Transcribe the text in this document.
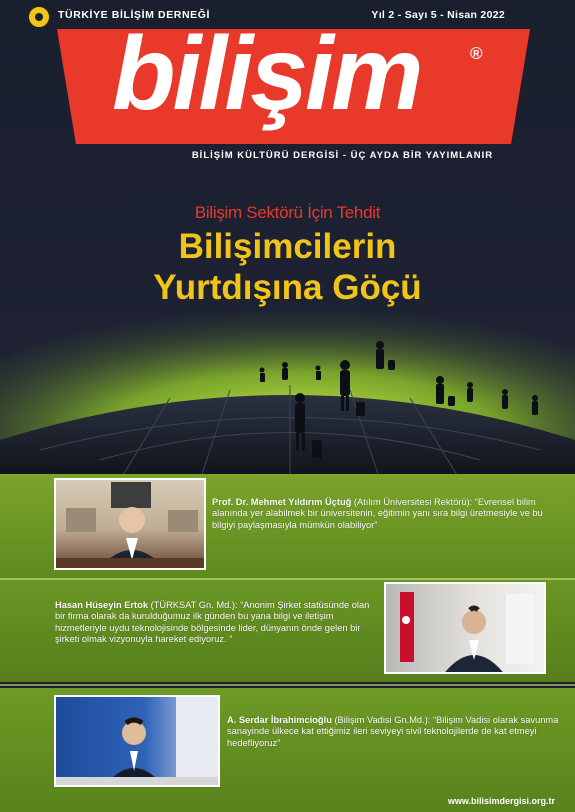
TÜRKİYE BİLİŞİM DERNEĞİ	Yıl 2 - Sayı 5 - Nisan 2022
bilişim	®
BİLİŞİM KÜLTÜRÜ DERGİSİ - ÜÇ AYDA BİR YAYIMLANIR
Bilişim Sektörü İçin Tehdit
Bilişimcilerin
Yurtdışına Göçü
Prof. Dr. Mehmet Yıldırım Üçtuğ (Atılım Üniversitesi Rektörü): “Evrensel bilim alanında yer alabilmek bir üniversitenin, eğitimin yanı sıra bilgi üretmesiyle ve bu bilgiyi paylaşmasıyla mümkün olabiliyor”
Hasan Hüseyin Ertok (TÜRKSAT Gn. Md.): “Anonim Şirket statüsünde olan bir firma olarak da kurulduğumuz ilk günden bu yana bilgi ve iletişim hizmetleriyle uydu teknolojisinde bölgesinde lider, dünyanın önde gelen bir şirketi olmak vizyonuyla hareket ediyoruz. ”
A. Serdar İbrahimcioğlu (Bilişim Vadisi Gn.Md.): “Bilişim Vadisi olarak savunma sanayinde ülkece kat ettiğimiz ileri seviyeyi sivil teknolojilerde de kat etmeyi hedefliyoruz”
www.bilisimdergisi.org.tr
